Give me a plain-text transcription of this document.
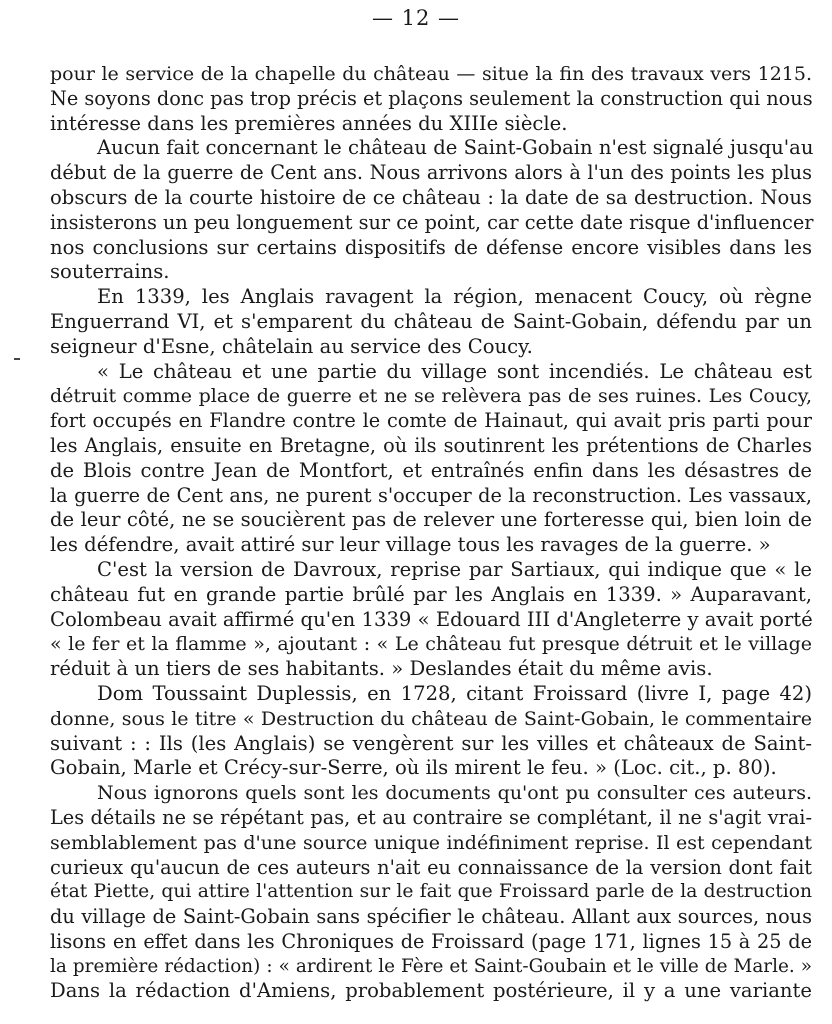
— 12 —
pour le service de la chapelle du château — situe la fin des travaux vers 1215.
Ne soyons donc pas trop précis et plaçons seulement la construction qui nous
intéresse dans les premières années du XIIIe siècle.
Aucun fait concernant le château de Saint-Gobain n'est signalé jusqu'au
début de la guerre de Cent ans. Nous arrivons alors à l'un des points les plus
obscurs de la courte histoire de ce château : la date de sa destruction. Nous
insisterons un peu longuement sur ce point, car cette date risque d'influencer
nos conclusions sur certains dispositifs de défense encore visibles dans les
souterrains.
En 1339, les Anglais ravagent la région, menacent Coucy, où règne
Enguerrand VI, et s'emparent du château de Saint-Gobain, défendu par un
seigneur d'Esne, châtelain au service des Coucy.
« Le château et une partie du village sont incendiés. Le château est
détruit comme place de guerre et ne se relèvera pas de ses ruines. Les Coucy,
fort occupés en Flandre contre le comte de Hainaut, qui avait pris parti pour
les Anglais, ensuite en Bretagne, où ils soutinrent les prétentions de Charles
de Blois contre Jean de Montfort, et entraînés enfin dans les désastres de
la guerre de Cent ans, ne purent s'occuper de la reconstruction. Les vassaux,
de leur côté, ne se soucièrent pas de relever une forteresse qui, bien loin de
les défendre, avait attiré sur leur village tous les ravages de la guerre. »
C'est la version de Davroux, reprise par Sartiaux, qui indique que « le
château fut en grande partie brûlé par les Anglais en 1339. » Auparavant,
Colombeau avait affirmé qu'en 1339 « Edouard III d'Angleterre y avait porté
« le fer et la flamme », ajoutant : « Le château fut presque détruit et le village
réduit à un tiers de ses habitants. » Deslandes était du même avis.
Dom Toussaint Duplessis, en 1728, citant Froissard (livre I, page 42)
donne, sous le titre « Destruction du château de Saint-Gobain, le commentaire
suivant : : Ils (les Anglais) se vengèrent sur les villes et châteaux de Saint-
Gobain, Marle et Crécy-sur-Serre, où ils mirent le feu. » (Loc. cit., p. 80).
Nous ignorons quels sont les documents qu'ont pu consulter ces auteurs.
Les détails ne se répétant pas, et au contraire se complétant, il ne s'agit vrai-
semblablement pas d'une source unique indéfiniment reprise. Il est cependant
curieux qu'aucun de ces auteurs n'ait eu connaissance de la version dont fait
état Piette, qui attire l'attention sur le fait que Froissard parle de la destruction
du village de Saint-Gobain sans spécifier le château. Allant aux sources, nous
lisons en effet dans les Chroniques de Froissard (page 171, lignes 15 à 25 de
la première rédaction) : « ardirent le Fère et Saint-Goubain et le ville de Marle. »
Dans la rédaction d'Amiens, probablement postérieure, il y a une variante
